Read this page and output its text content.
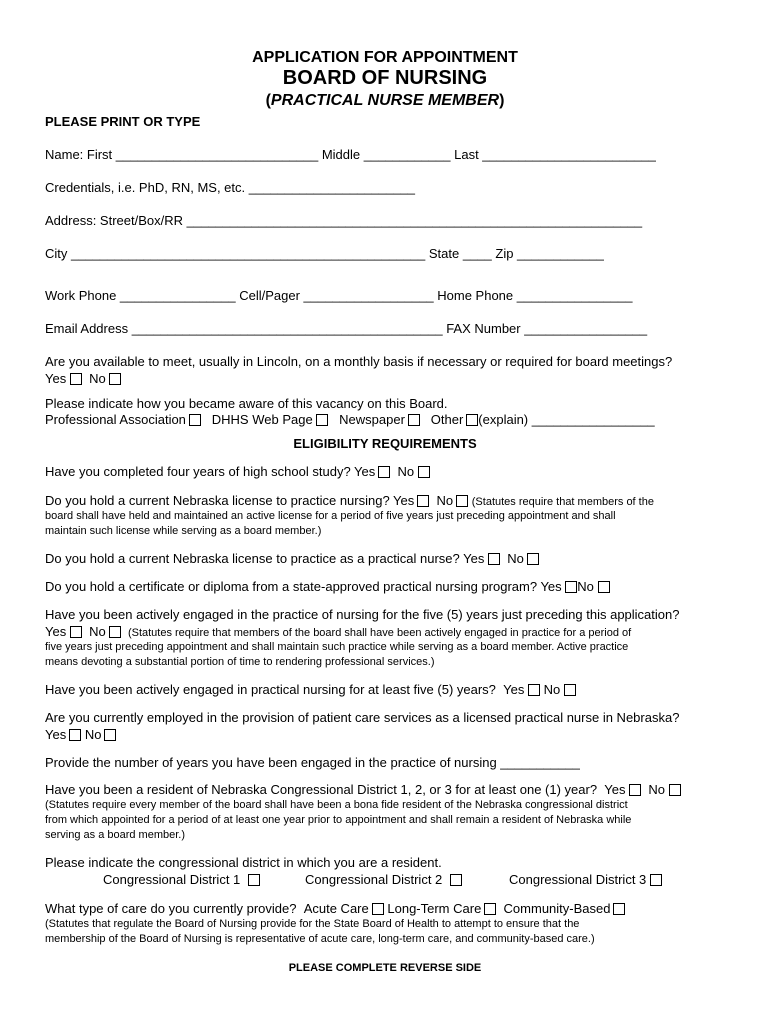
APPLICATION FOR APPOINTMENT
BOARD OF NURSING
(PRACTICAL NURSE MEMBER)
PLEASE PRINT OR TYPE
Name: First ____________________________ Middle ____________ Last ________________________
Credentials, i.e. PhD, RN, MS, etc. _______________________
Address: Street/Box/RR _______________________________________________________________
City _________________________________________________ State ____ Zip ____________
Work Phone ________________ Cell/Pager __________________ Home Phone ________________
Email Address ___________________________________________ FAX Number _________________
Are you available to meet, usually in Lincoln, on a monthly basis if necessary or required for board meetings?
Yes No
Please indicate how you became aware of this vacancy on this Board.
Professional Association DHHS Web Page Newspaper Other (explain) _________________
ELIGIBILITY REQUIREMENTS
Have you completed four years of high school study? Yes No
Do you hold a current Nebraska license to practice nursing? Yes No (Statutes require that members of the
board shall have held and maintained an active license for a period of five years just preceding appointment and shall
maintain such license while serving as a board member.)
Do you hold a current Nebraska license to practice as a practical nurse? Yes No
Do you hold a certificate or diploma from a state-approved practical nursing program? Yes No
Have you been actively engaged in the practice of nursing for the five (5) years just preceding this application?
Yes No (Statutes require that members of the board shall have been actively engaged in practice for a period of
five years just preceding appointment and shall maintain such practice while serving as a board member. Active practice
means devoting a substantial portion of time to rendering professional services.)
Have you been actively engaged in practical nursing for at least five (5) years? Yes No
Are you currently employed in the provision of patient care services as a licensed practical nurse in Nebraska?
Yes No
Provide the number of years you have been engaged in the practice of nursing ___________
Have you been a resident of Nebraska Congressional District 1, 2, or 3 for at least one (1) year? Yes No
(Statutes require every member of the board shall have been a bona fide resident of the Nebraska congressional district
from which appointed for a period of at least one year prior to appointment and shall remain a resident of Nebraska while
serving as a board member.)
Please indicate the congressional district in which you are a resident.
Congressional District 1	Congressional District 2	Congressional District 3
What type of care do you currently provide? Acute Care Long-Term Care Community-Based
(Statutes that regulate the Board of Nursing provide for the State Board of Health to attempt to ensure that the
membership of the Board of Nursing is representative of acute care, long-term care, and community-based care.)
PLEASE COMPLETE REVERSE SIDE
